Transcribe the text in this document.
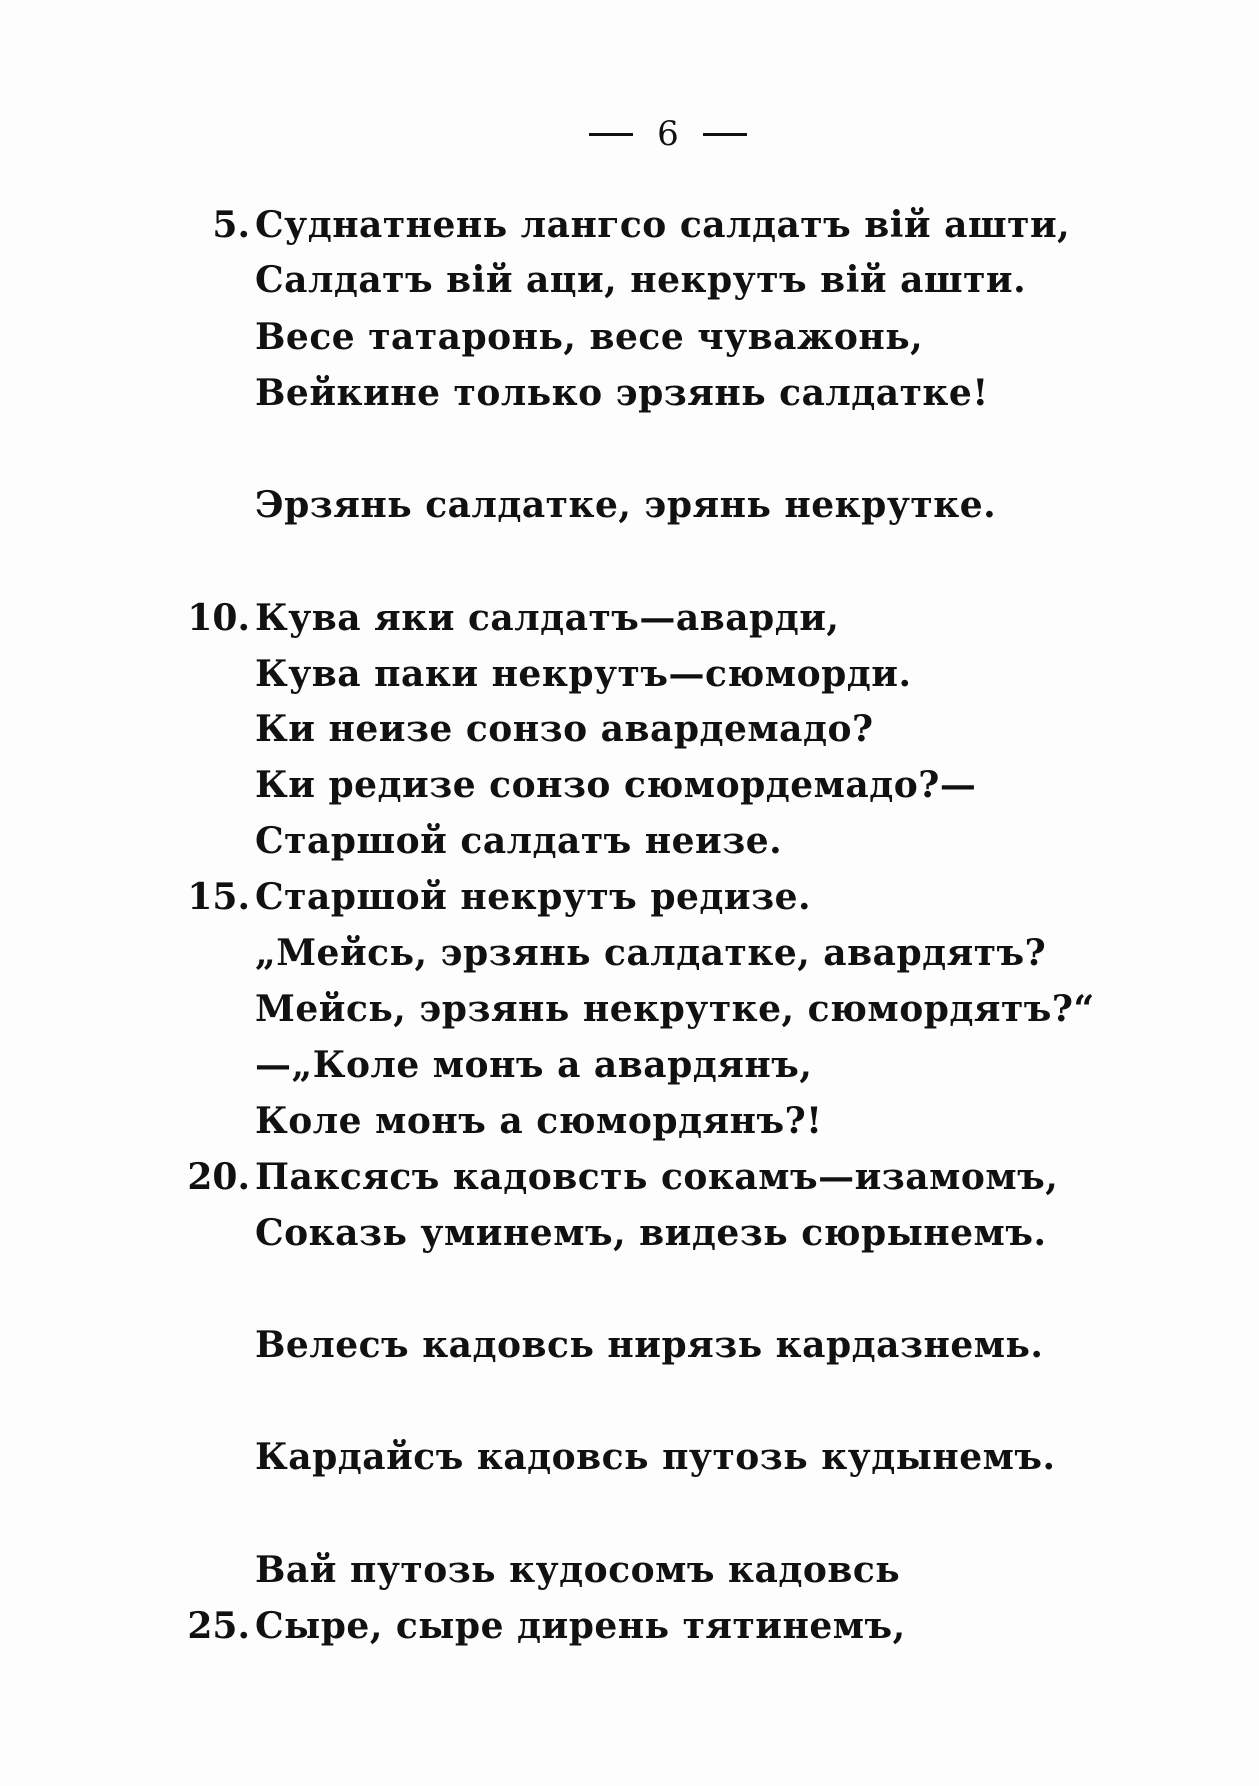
6
5. Суднатнень лангсо салдатъ вiй ашти,
Салдатъ вiй аци, некрутъ вiй ашти.
Весе татаронь, весе чуважонь,
Вейкине только эрзянь салдатке!
Эрзянь салдатке, эрянь некрутке.
10. Кува яки салдатъ—аварди,
Кува паки некрутъ—сюморди.
Ки неизе сонзо авардемадо?
Ки редизе сонзо сюмордемадо?—
Старшой салдатъ неизе.
15. Старшой некрутъ редизе.
„Мейсь, эрзянь салдатке, авардятъ?
Мейсь, эрзянь некрутке, сюмордятъ?“
—„Коле монъ а авардянъ,
Коле монъ а сюмордянъ?!
20. Паксясъ кадовсть сокамъ—изамомъ,
Соказь уминемъ, видезь сюрынемъ.
Велесъ кадовсь нирязь кардазнемь.
Кардайсъ кадовсь путозь кудынемъ.
Вай путозь кудосомъ кадовсь
25. Сыре, сыре дирень тятинемъ,
